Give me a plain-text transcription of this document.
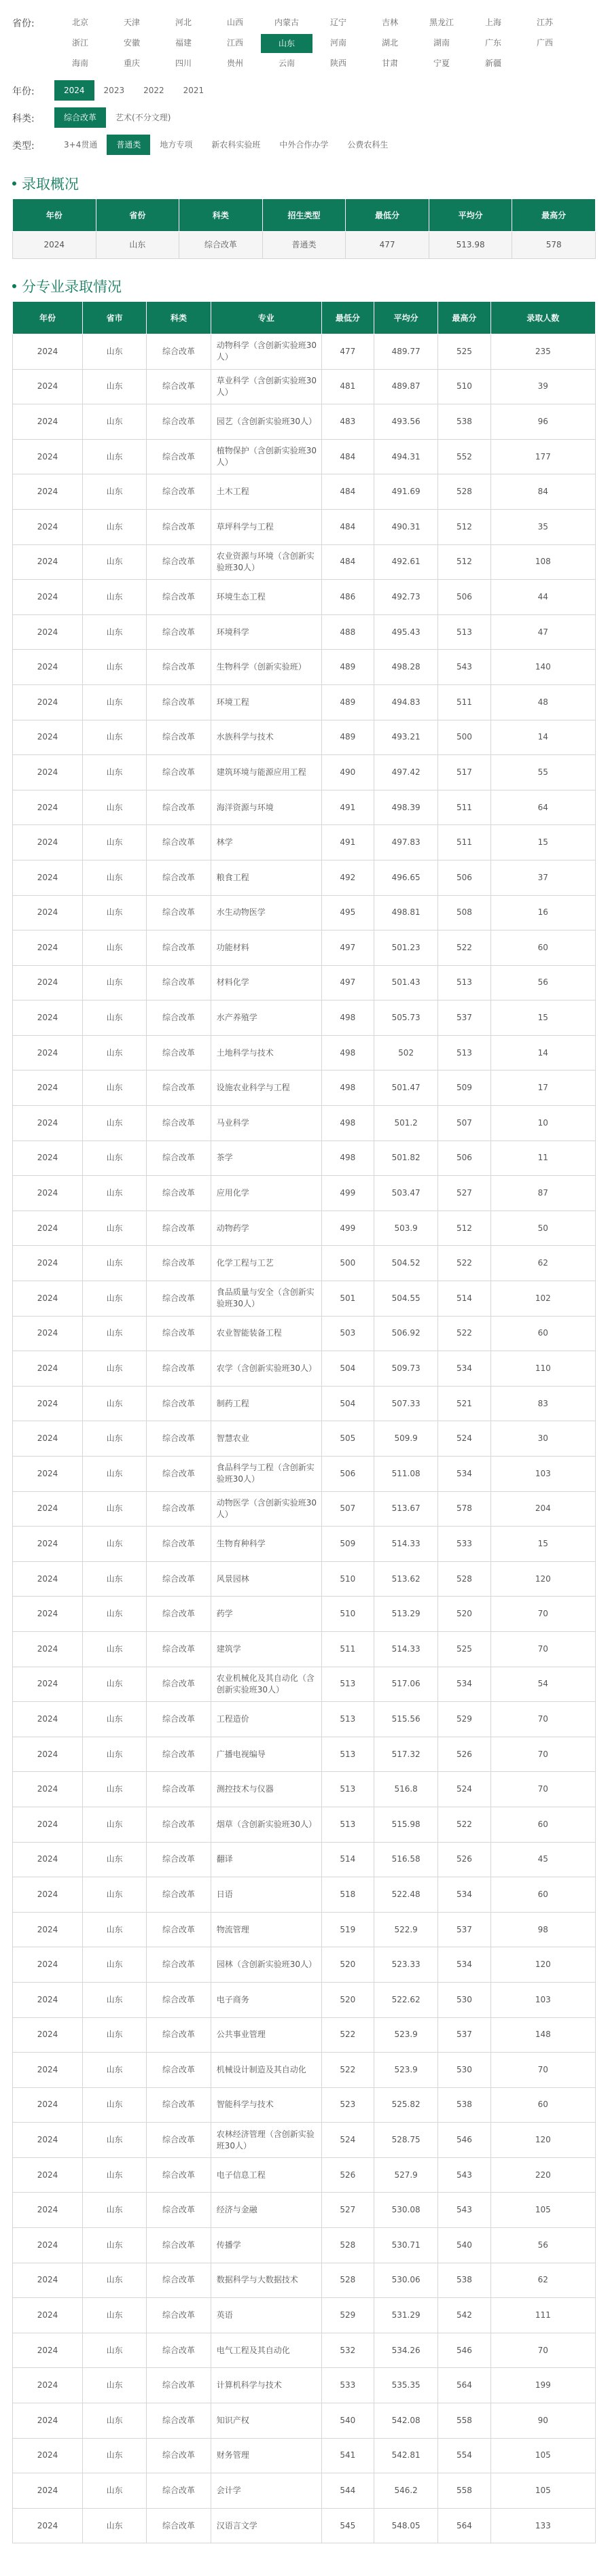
省份:	北京	天津	河北	山西	内蒙古	辽宁	吉林	黑龙江	上海	江苏
浙江	安徽	福建	江西	山东	河南	湖北	湖南	广东	广西
海南	重庆	四川	贵州	云南	陕西	甘肃	宁夏	新疆
年份:	2024	2023	2022	2021
科类:	综合改革	艺术(不分文理)
类型:	3+4贯通	普通类	地方专项	新农科实验班	中外合作办学	公费农科生
录取概况
年份	省份	科类	招生类型	最低分	平均分	最高分
2024	山东	综合改革	普通类	477	513.98	578
分专业录取情况
年份	省市	科类	专业	最低分	平均分	最高分	录取人数
2024	山东	综合改革	动物科学（含创新实验班30人）	477	489.77	525	235
2024	山东	综合改革	草业科学（含创新实验班30人）	481	489.87	510	39
2024	山东	综合改革	园艺（含创新实验班30人）	483	493.56	538	96
2024	山东	综合改革	植物保护（含创新实验班30人）	484	494.31	552	177
2024	山东	综合改革	土木工程	484	491.69	528	84
2024	山东	综合改革	草坪科学与工程	484	490.31	512	35
2024	山东	综合改革	农业资源与环境（含创新实验班30人）	484	492.61	512	108
2024	山东	综合改革	环境生态工程	486	492.73	506	44
2024	山东	综合改革	环境科学	488	495.43	513	47
2024	山东	综合改革	生物科学（创新实验班）	489	498.28	543	140
2024	山东	综合改革	环境工程	489	494.83	511	48
2024	山东	综合改革	水族科学与技术	489	493.21	500	14
2024	山东	综合改革	建筑环境与能源应用工程	490	497.42	517	55
2024	山东	综合改革	海洋资源与环境	491	498.39	511	64
2024	山东	综合改革	林学	491	497.83	511	15
2024	山东	综合改革	粮食工程	492	496.65	506	37
2024	山东	综合改革	水生动物医学	495	498.81	508	16
2024	山东	综合改革	功能材料	497	501.23	522	60
2024	山东	综合改革	材料化学	497	501.43	513	56
2024	山东	综合改革	水产养殖学	498	505.73	537	15
2024	山东	综合改革	土地科学与技术	498	502	513	14
2024	山东	综合改革	设施农业科学与工程	498	501.47	509	17
2024	山东	综合改革	马业科学	498	501.2	507	10
2024	山东	综合改革	茶学	498	501.82	506	11
2024	山东	综合改革	应用化学	499	503.47	527	87
2024	山东	综合改革	动物药学	499	503.9	512	50
2024	山东	综合改革	化学工程与工艺	500	504.52	522	62
2024	山东	综合改革	食品质量与安全（含创新实验班30人）	501	504.55	514	102
2024	山东	综合改革	农业智能装备工程	503	506.92	522	60
2024	山东	综合改革	农学（含创新实验班30人）	504	509.73	534	110
2024	山东	综合改革	制药工程	504	507.33	521	83
2024	山东	综合改革	智慧农业	505	509.9	524	30
2024	山东	综合改革	食品科学与工程（含创新实验班30人）	506	511.08	534	103
2024	山东	综合改革	动物医学（含创新实验班30人）	507	513.67	578	204
2024	山东	综合改革	生物育种科学	509	514.33	533	15
2024	山东	综合改革	风景园林	510	513.62	528	120
2024	山东	综合改革	药学	510	513.29	520	70
2024	山东	综合改革	建筑学	511	514.33	525	70
2024	山东	综合改革	农业机械化及其自动化（含创新实验班30人）	513	517.06	534	54
2024	山东	综合改革	工程造价	513	515.56	529	70
2024	山东	综合改革	广播电视编导	513	517.32	526	70
2024	山东	综合改革	测控技术与仪器	513	516.8	524	70
2024	山东	综合改革	烟草（含创新实验班30人）	513	515.98	522	60
2024	山东	综合改革	翻译	514	516.58	526	45
2024	山东	综合改革	日语	518	522.48	534	60
2024	山东	综合改革	物流管理	519	522.9	537	98
2024	山东	综合改革	园林（含创新实验班30人）	520	523.33	534	120
2024	山东	综合改革	电子商务	520	522.62	530	103
2024	山东	综合改革	公共事业管理	522	523.9	537	148
2024	山东	综合改革	机械设计制造及其自动化	522	523.9	530	70
2024	山东	综合改革	智能科学与技术	523	525.82	538	60
2024	山东	综合改革	农林经济管理（含创新实验班30人）	524	528.75	546	120
2024	山东	综合改革	电子信息工程	526	527.9	543	220
2024	山东	综合改革	经济与金融	527	530.08	543	105
2024	山东	综合改革	传播学	528	530.71	540	56
2024	山东	综合改革	数据科学与大数据技术	528	530.06	538	62
2024	山东	综合改革	英语	529	531.29	542	111
2024	山东	综合改革	电气工程及其自动化	532	534.26	546	70
2024	山东	综合改革	计算机科学与技术	533	535.35	564	199
2024	山东	综合改革	知识产权	540	542.08	558	90
2024	山东	综合改革	财务管理	541	542.81	554	105
2024	山东	综合改革	会计学	544	546.2	558	105
2024	山东	综合改革	汉语言文学	545	548.05	564	133
